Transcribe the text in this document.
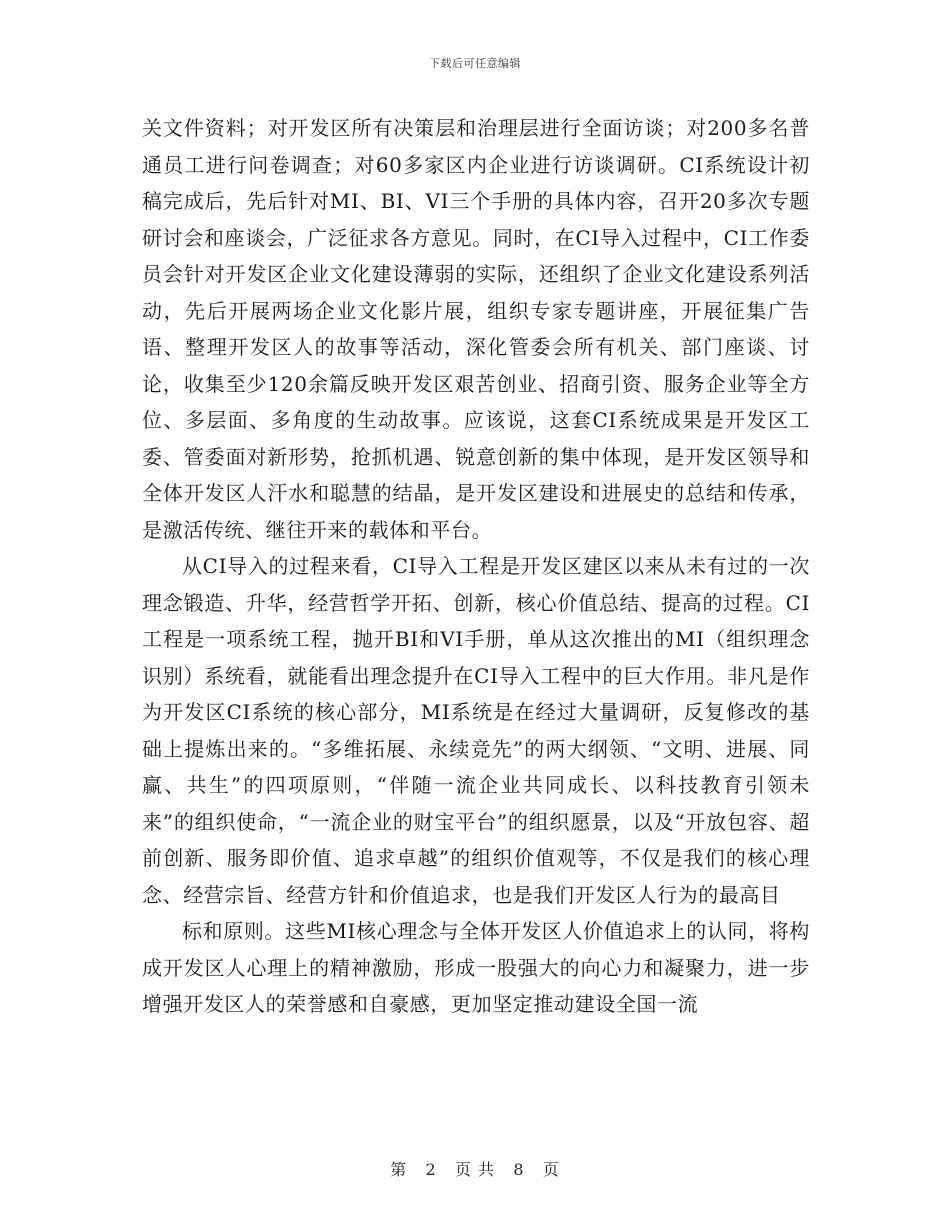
下载后可任意编辑

关文件资料；对开发区所有决策层和治理层进行全面访谈；对200多名普通员工进行问卷调查；对60多家区内企业进行访谈调研。CI系统设计初稿完成后，先后针对MI、BI、VI三个手册的具体内容，召开20多次专题研讨会和座谈会，广泛征求各方意见。同时，在CI导入过程中，CI工作委员会针对开发区企业文化建设薄弱的实际，还组织了企业文化建设系列活动，先后开展两场企业文化影片展，组织专家专题讲座，开展征集广告语、整理开发区人的故事等活动，深化管委会所有机关、部门座谈、讨论，收集至少120余篇反映开发区艰苦创业、招商引资、服务企业等全方位、多层面、多角度的生动故事。应该说，这套CI系统成果是开发区工委、管委面对新形势，抢抓机遇、锐意创新的集中体现，是开发区领导和全体开发区人汗水和聪慧的结晶，是开发区建设和进展史的总结和传承，是激活传统、继往开来的载体和平台。

从CI导入的过程来看，CI导入工程是开发区建区以来从未有过的一次理念锻造、升华，经营哲学开拓、创新，核心价值总结、提高的过程。CI工程是一项系统工程，抛开BI和VI手册，单从这次推出的MI（组织理念识别）系统看，就能看出理念提升在CI导入工程中的巨大作用。非凡是作为开发区CI系统的核心部分，MI系统是在经过大量调研，反复修改的基础上提炼出来的。“多维拓展、永续竞先”的两大纲领、“文明、进展、同赢、共生”的四项原则，“伴随一流企业共同成长、以科技教育引领未来”的组织使命，“一流企业的财宝平台”的组织愿景，以及“开放包容、超前创新、服务即价值、追求卓越”的组织价值观等，不仅是我们的核心理念、经营宗旨、经营方针和价值追求，也是我们开发区人行为的最高目

标和原则。这些MI核心理念与全体开发区人价值追求上的认同，将构成开发区人心理上的精神激励，形成一股强大的向心力和凝聚力，进一步增强开发区人的荣誉感和自豪感，更加坚定推动建设全国一流

第 2 页 共 8 页
